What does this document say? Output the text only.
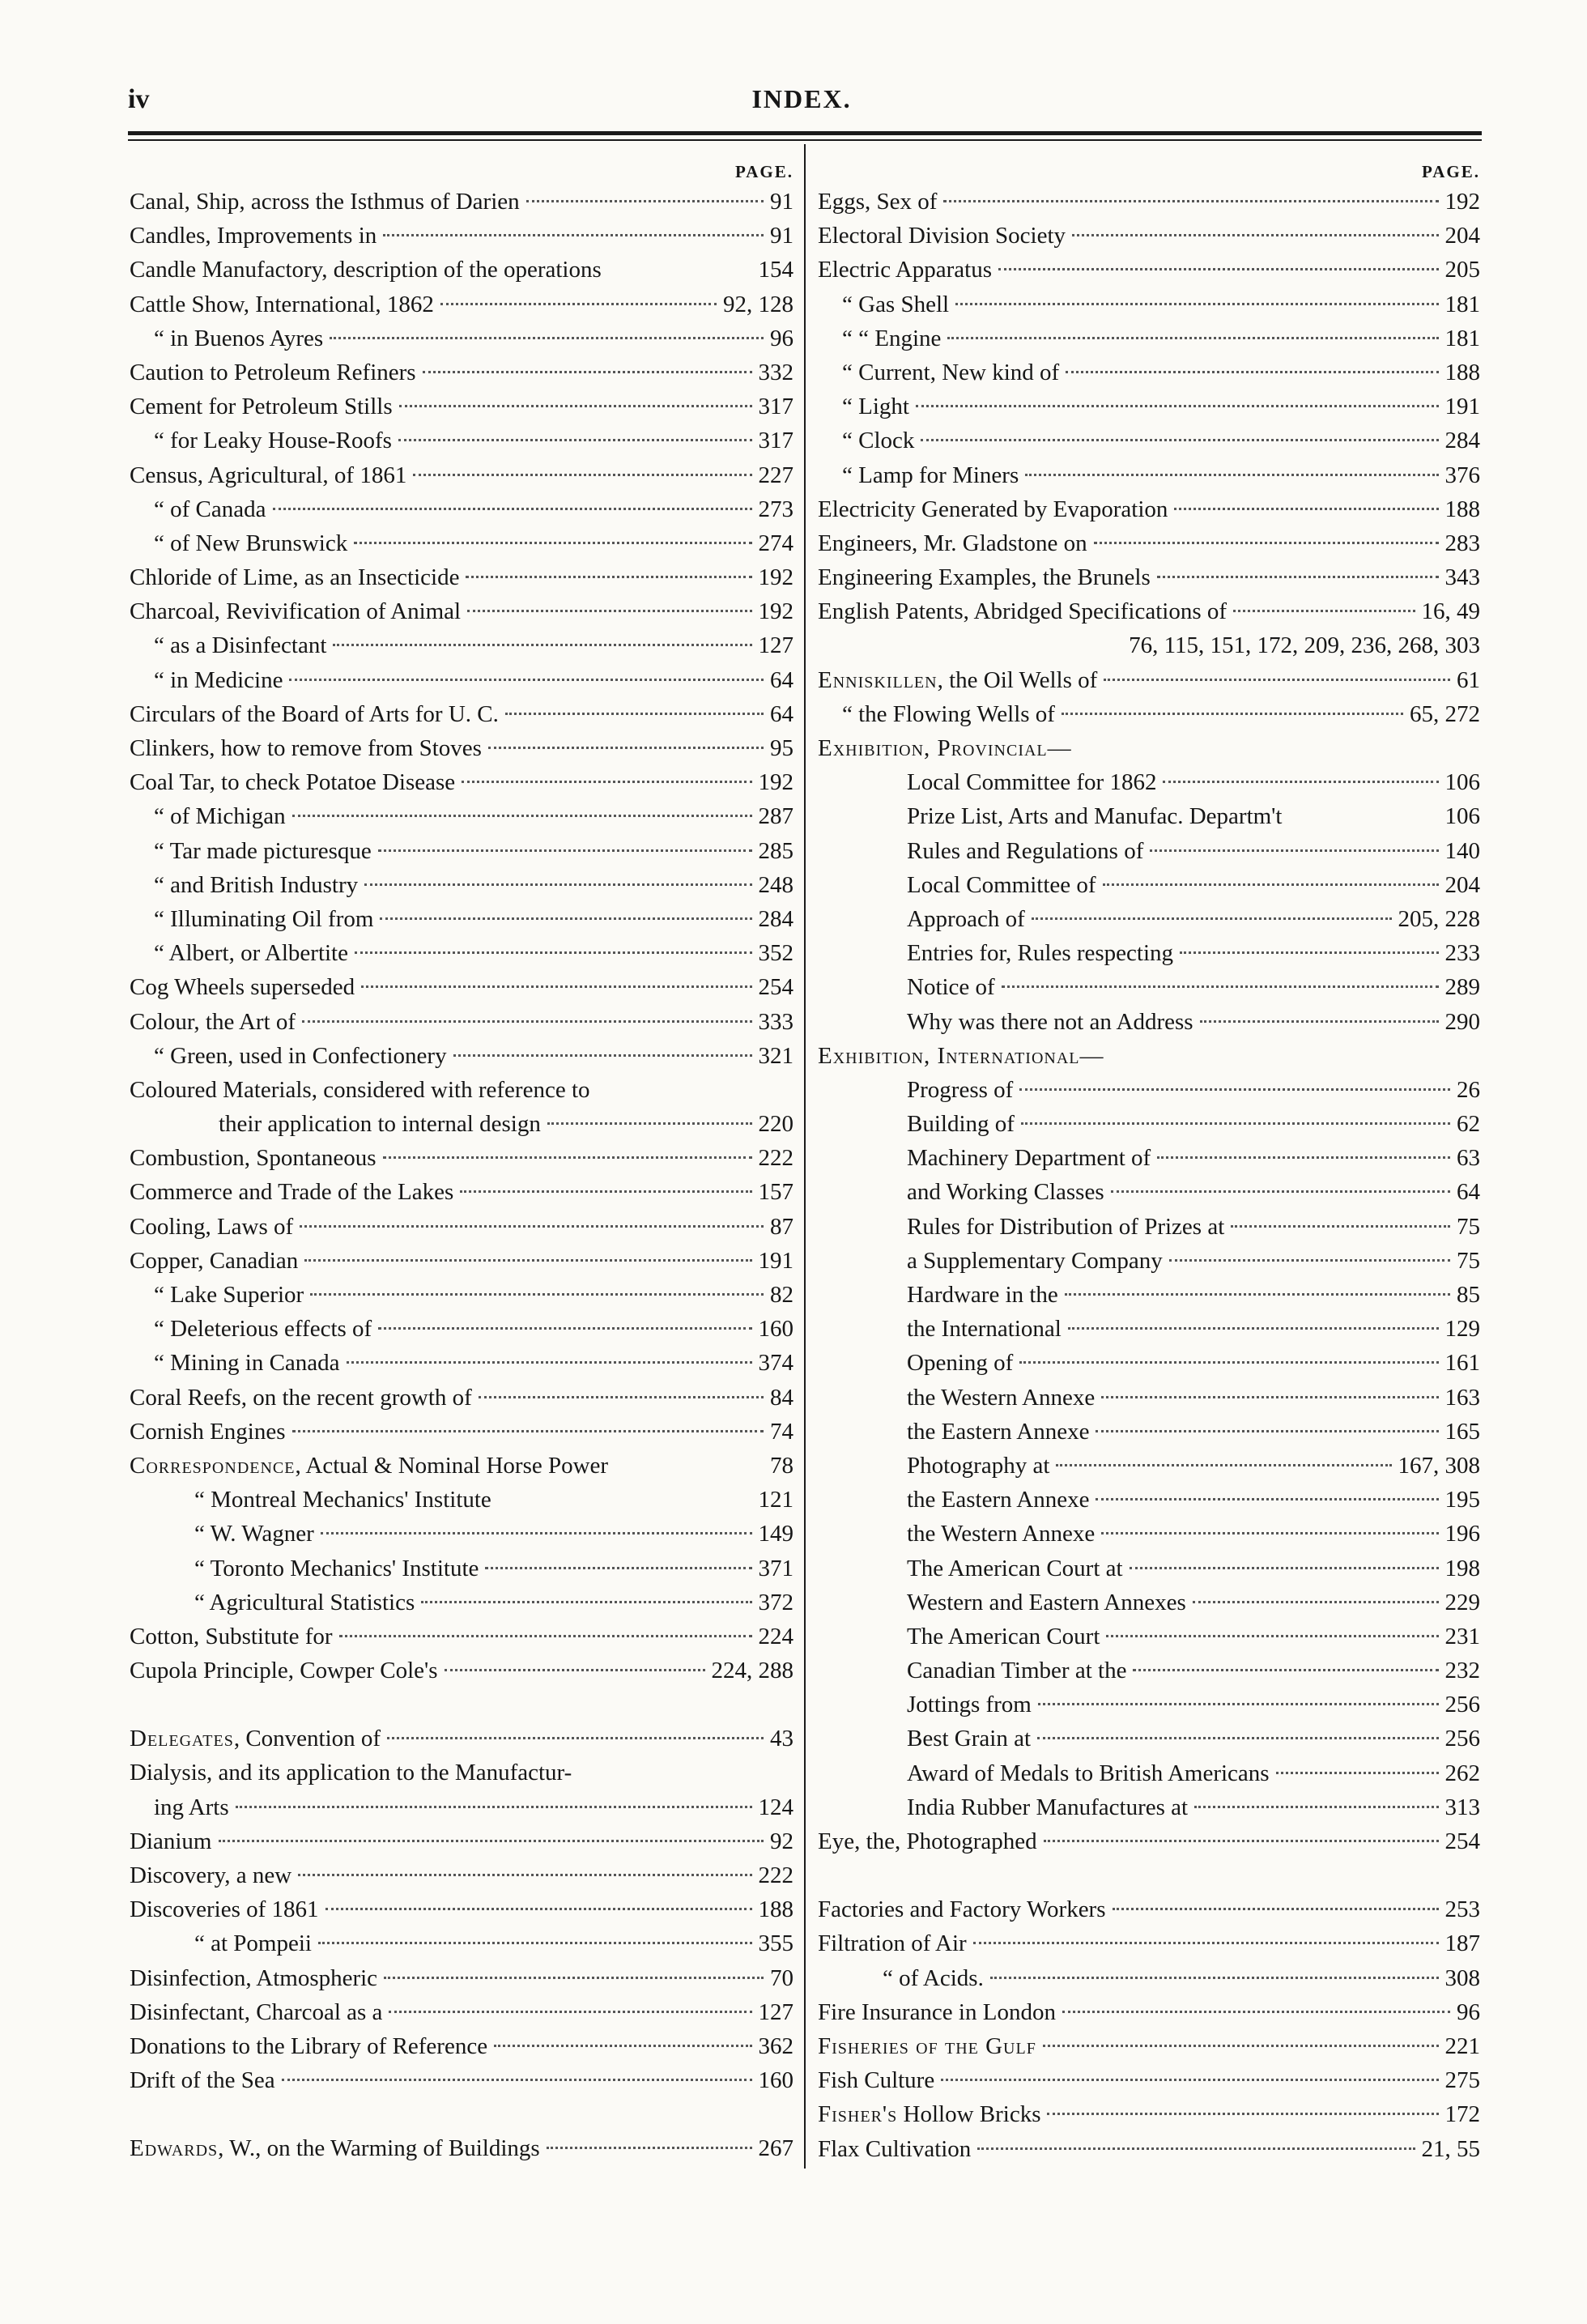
iv	INDEX.
PAGE.
Canal, Ship, across the Isthmus of Darien	91
Candles, Improvements in	91
Candle Manufactory, description of the operations	154
Cattle Show, International, 1862	92, 128
“ in Buenos Ayres	96
Caution to Petroleum Refiners	332
Cement for Petroleum Stills	317
“ for Leaky House-Roofs	317
Census, Agricultural, of 1861	227
“ of Canada	273
“ of New Brunswick	274
Chloride of Lime, as an Insecticide	192
Charcoal, Revivification of Animal	192
“ as a Disinfectant	127
“ in Medicine	64
Circulars of the Board of Arts for U. C.	64
Clinkers, how to remove from Stoves	95
Coal Tar, to check Potatoe Disease	192
“ of Michigan	287
“ Tar made picturesque	285
“ and British Industry	248
“ Illuminating Oil from	284
“ Albert, or Albertite	352
Cog Wheels superseded	254
Colour, the Art of	333
“ Green, used in Confectionery	321
Coloured Materials, considered with reference to
their application to internal design	220
Combustion, Spontaneous	222
Commerce and Trade of the Lakes	157
Cooling, Laws of	87
Copper, Canadian	191
“ Lake Superior	82
“ Deleterious effects of	160
“ Mining in Canada	374
Coral Reefs, on the recent growth of	84
Cornish Engines	74
Correspondence, Actual & Nominal Horse Power	78
“ Montreal Mechanics' Institute	121
“ W. Wagner	149
“ Toronto Mechanics' Institute	371
“ Agricultural Statistics	372
Cotton, Substitute for	224
Cupola Principle, Cowper Cole's	224, 288
Delegates, Convention of	43
Dialysis, and its application to the Manufactur-
ing Arts	124
Dianium	92
Discovery, a new	222
Discoveries of 1861	188
“ at Pompeii	355
Disinfection, Atmospheric	70
Disinfectant, Charcoal as a	127
Donations to the Library of Reference	362
Drift of the Sea	160
Edwards, W., on the Warming of Buildings	267
PAGE.
Eggs, Sex of	192
Electoral Division Society	204
Electric Apparatus	205
“ Gas Shell	181
“ “ Engine	181
“ Current, New kind of	188
“ Light	191
“ Clock	284
“ Lamp for Miners	376
Electricity Generated by Evaporation	188
Engineers, Mr. Gladstone on	283
Engineering Examples, the Brunels	343
English Patents, Abridged Specifications of	16, 49
76, 115, 151, 172, 209, 236, 268, 303
Enniskillen, the Oil Wells of	61
“ the Flowing Wells of	65, 272
Exhibition, Provincial—
Local Committee for 1862	106
Prize List, Arts and Manufac. Departm't	106
Rules and Regulations of	140
Local Committee of	204
Approach of	205, 228
Entries for, Rules respecting	233
Notice of	289
Why was there not an Address	290
Exhibition, International—
Progress of	26
Building of	62
Machinery Department of	63
and Working Classes	64
Rules for Distribution of Prizes at	75
a Supplementary Company	75
Hardware in the	85
the International	129
Opening of	161
the Western Annexe	163
the Eastern Annexe	165
Photography at	167, 308
the Eastern Annexe	195
the Western Annexe	196
The American Court at	198
Western and Eastern Annexes	229
The American Court	231
Canadian Timber at the	232
Jottings from	256
Best Grain at	256
Award of Medals to British Americans	262
India Rubber Manufactures at	313
Eye, the, Photographed	254
Factories and Factory Workers	253
Filtration of Air	187
“ of Acids.	308
Fire Insurance in London	96
Fisheries of the Gulf	221
Fish Culture	275
Fisher's Hollow Bricks	172
Flax Cultivation	21, 55
